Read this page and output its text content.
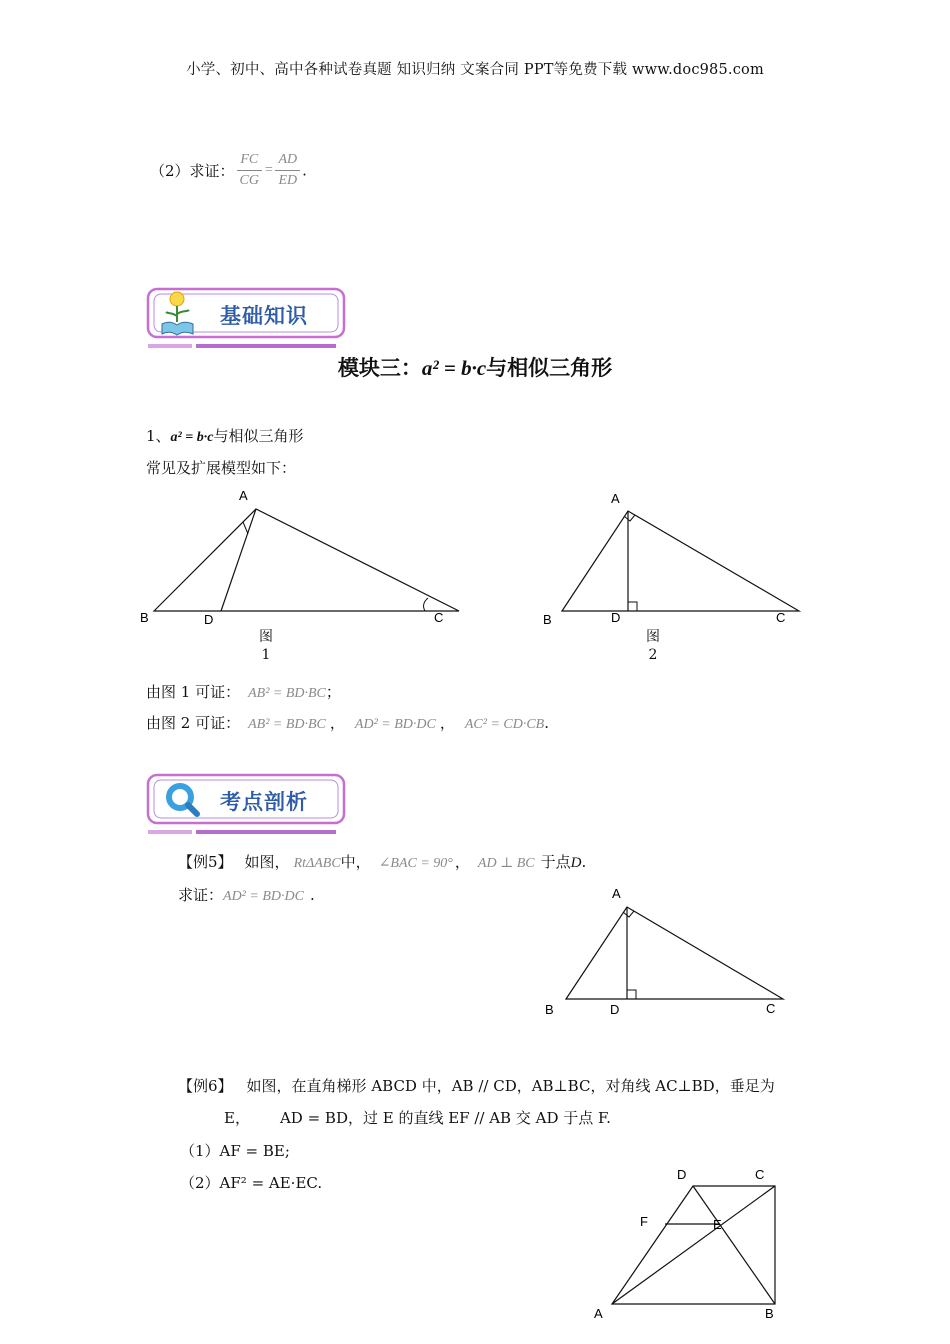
小学、初中、高中各种试卷真题 知识归纳 文案合同 PPT等免费下载 www.doc985.com
（2）求证： $\frac{FC}{CG} = \frac{AD}{ED}$ .
基础知识
模块三：a² = b·c与相似三角形
1、a² = b·c与相似三角形
常见及扩展模型如下：
A
B	D	C
图
1
A
B	D	C
图
2
由图 1 可证： AB² = BD·BC；
由图 2 可证： AB² = BD·BC ， AD² = BD·DC ， AC² = CD·CB.
考点剖析
【例5】 如图， RtΔABC中， ∠BAC = 90° ， AD ⊥ BC 于点D.
求证：AD² = BD·DC .	A
B	D	C
【例6】 如图，在直角梯形 ABCD 中，AB // CD，AB⊥BC，对角线 AC⊥BD，垂足为
E， AD = BD，过 E 的直线 EF // AB 交 AD 于点 F.
（1）AF = BE;
（2）AF² = AE·EC.	D	C
F	E
A	B
